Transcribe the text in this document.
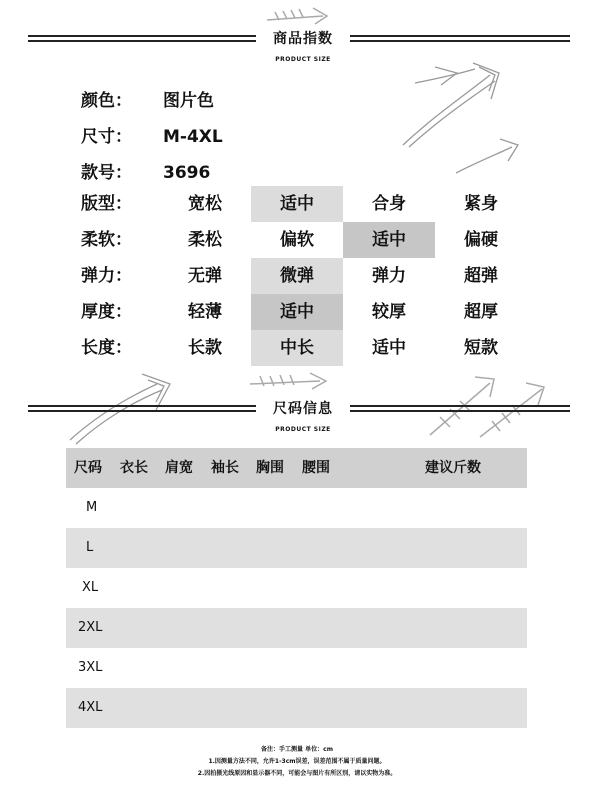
商品指数
PRODUCT SIZE
颜色： 图片色
尺寸： M-4XL
款号： 3696
版型：	宽松	适中	合身	紧身
柔软：	柔松	偏软	适中	偏硬
弹力：	无弹	微弹	弹力	超弹
厚度：	轻薄	适中	较厚	超厚
长度：	长款	中长	适中	短款
尺码信息
PRODUCT SIZE
尺码 衣长 肩宽 袖长 胸围 腰围	建议斤数
M
L
XL
2XL
3XL
4XL
备注：手工测量 单位：cm
1.因测量方法不同，允许1-3cm误差，误差范围不属于质量问题。
2.因拍摄光线原因和显示器不同，可能会与图片有所区别，请以实物为准。
